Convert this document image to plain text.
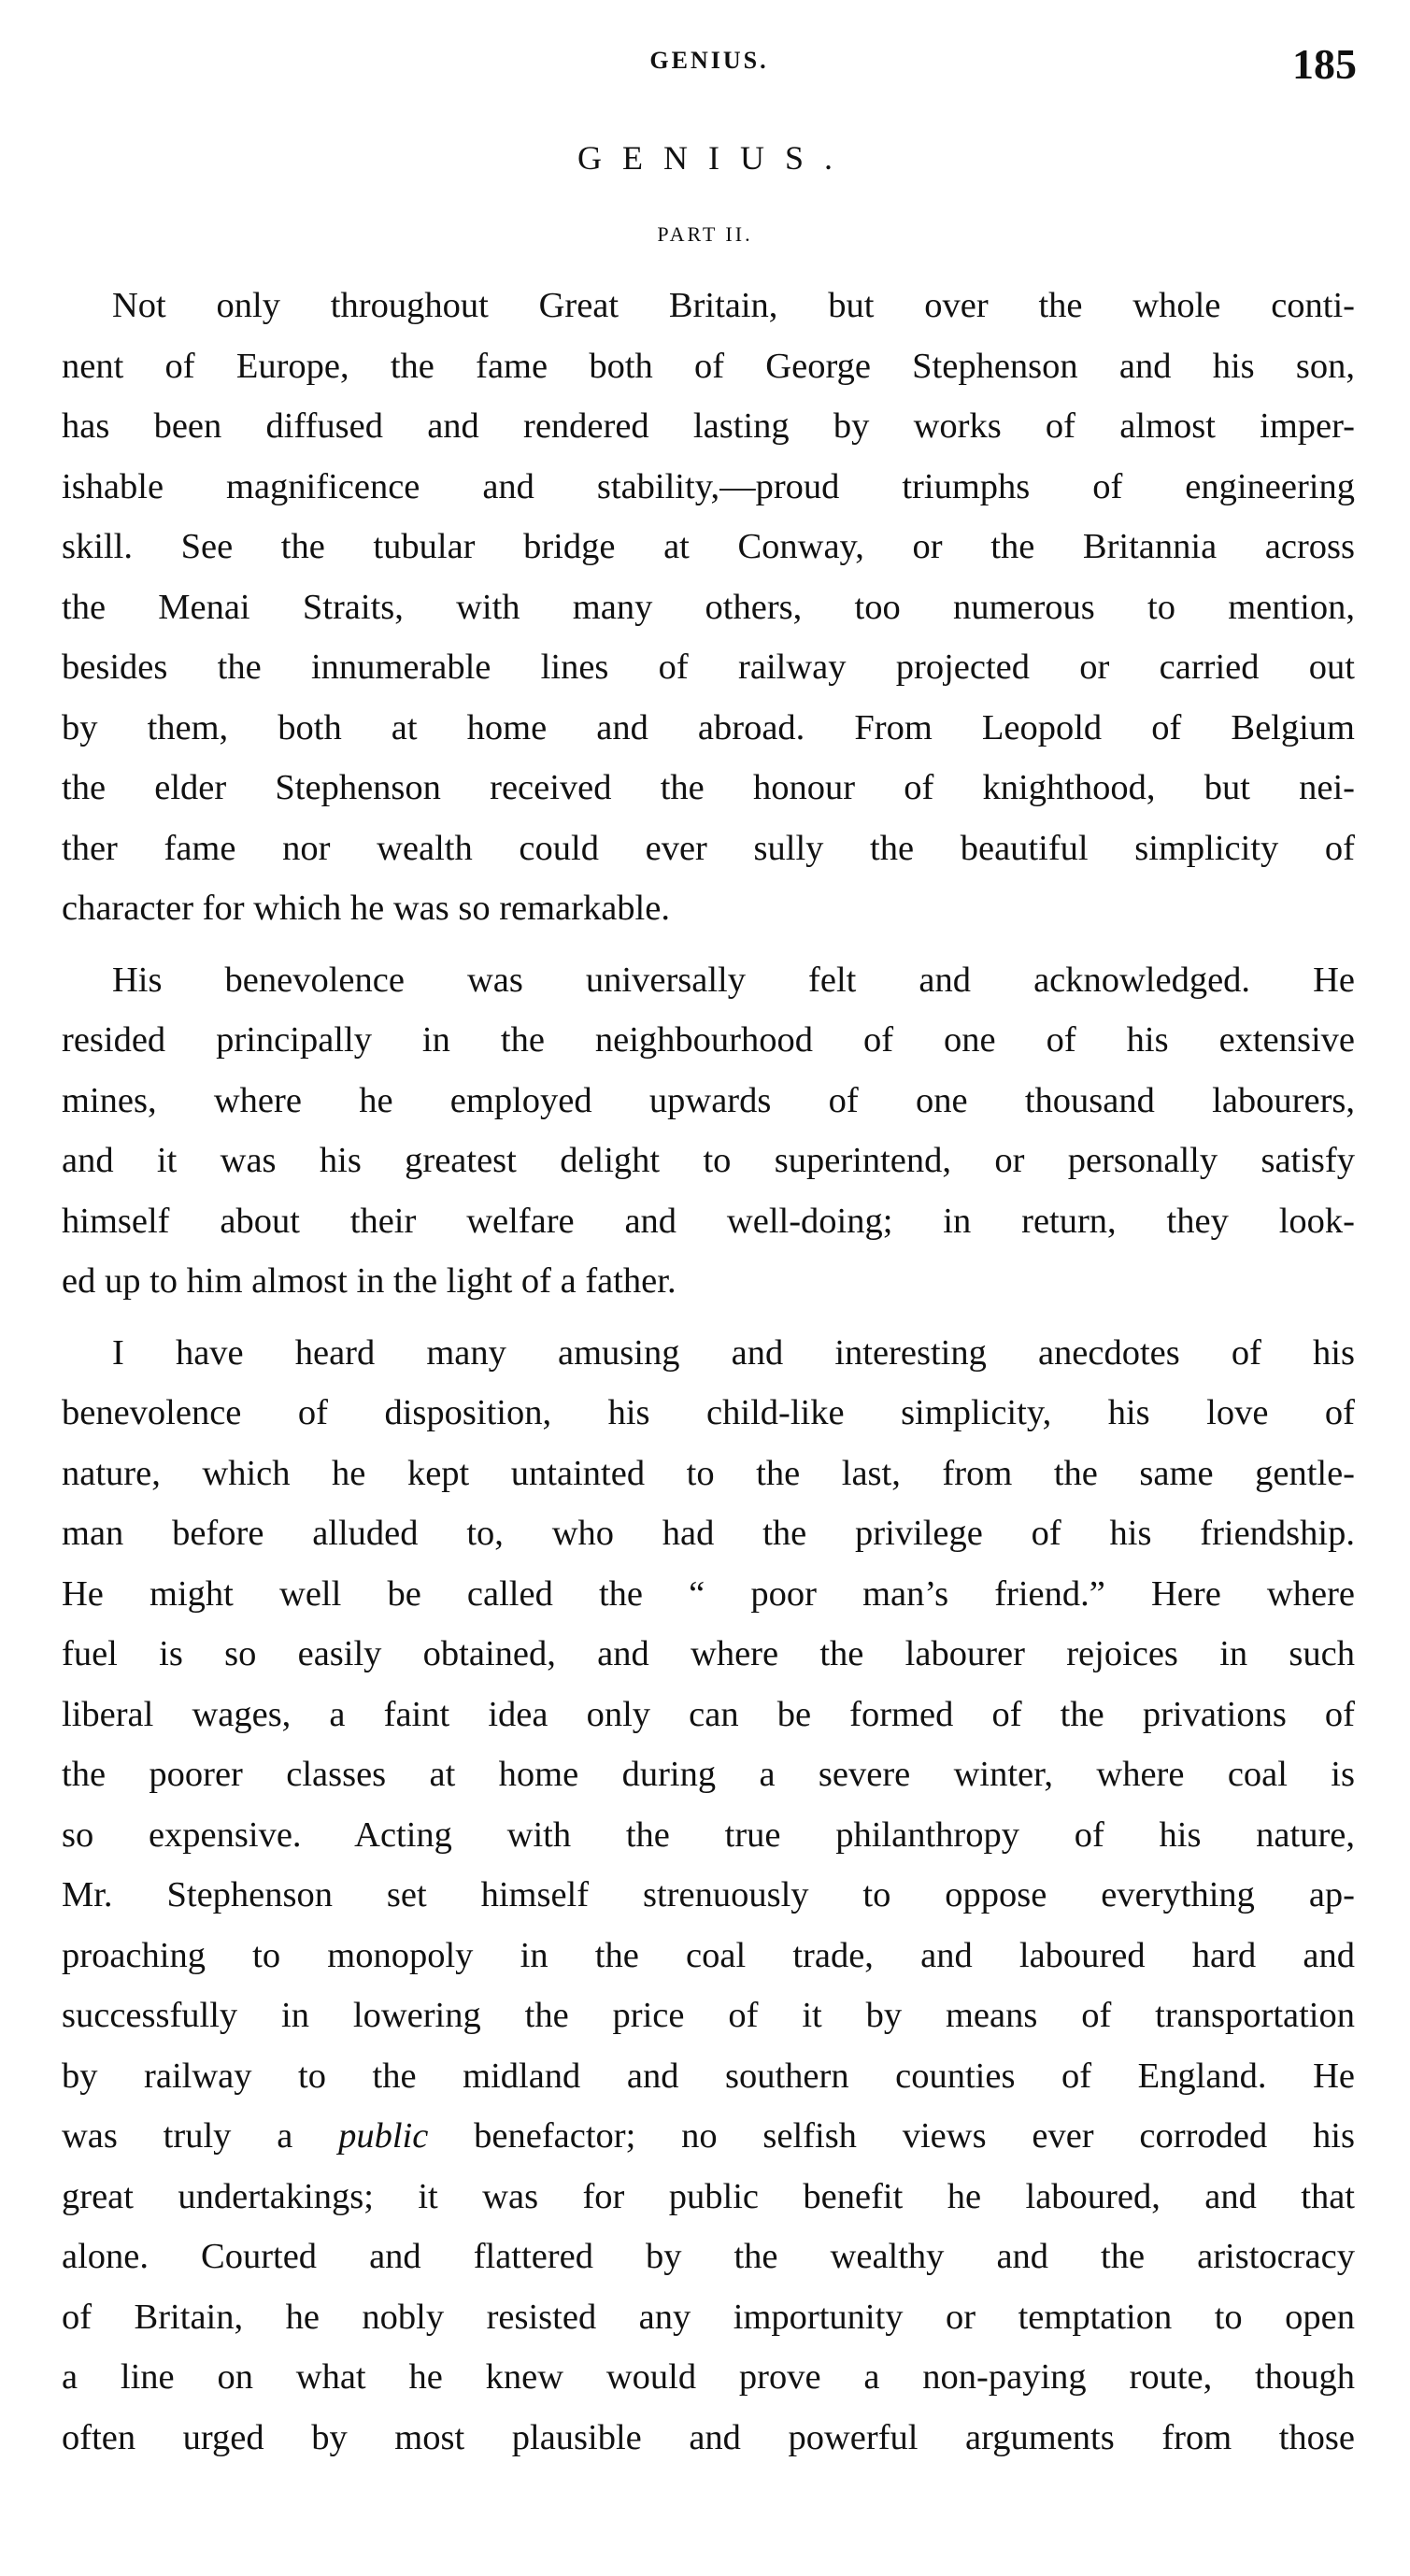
GENIUS.	185
GENIUS.
PART II.

Not only throughout Great Britain, but over the whole conti-
nent of Europe, the fame both of George Stephenson and his son,
has been diffused and rendered lasting by works of almost imper-
ishable magnificence and stability,—proud triumphs of engineering
skill. See the tubular bridge at Conway, or the Britannia across
the Menai Straits, with many others, too numerous to mention,
besides the innumerable lines of railway projected or carried out
by them, both at home and abroad. From Leopold of Belgium
the elder Stephenson received the honour of knighthood, but nei-
ther fame nor wealth could ever sully the beautiful simplicity of
character for which he was so remarkable.

His benevolence was universally felt and acknowledged. He
resided principally in the neighbourhood of one of his extensive
mines, where he employed upwards of one thousand labourers,
and it was his greatest delight to superintend, or personally satisfy
himself about their welfare and well-doing; in return, they look-
ed up to him almost in the light of a father.

I have heard many amusing and interesting anecdotes of his
benevolence of disposition, his child-like simplicity, his love of
nature, which he kept untainted to the last, from the same gentle-
man before alluded to, who had the privilege of his friendship.
He might well be called the “ poor man’s friend.” Here where
fuel is so easily obtained, and where the labourer rejoices in such
liberal wages, a faint idea only can be formed of the privations of
the poorer classes at home during a severe winter, where coal is
so expensive. Acting with the true philanthropy of his nature,
Mr. Stephenson set himself strenuously to oppose everything ap-
proaching to monopoly in the coal trade, and laboured hard and
successfully in lowering the price of it by means of transportation
by railway to the midland and southern counties of England. He
was truly a public benefactor; no selfish views ever corroded his
great undertakings; it was for public benefit he laboured, and that
alone. Courted and flattered by the wealthy and the aristocracy
of Britain, he nobly resisted any importunity or temptation to open
a line on what he knew would prove a non-paying route, though
often urged by most plausible and powerful arguments from those
